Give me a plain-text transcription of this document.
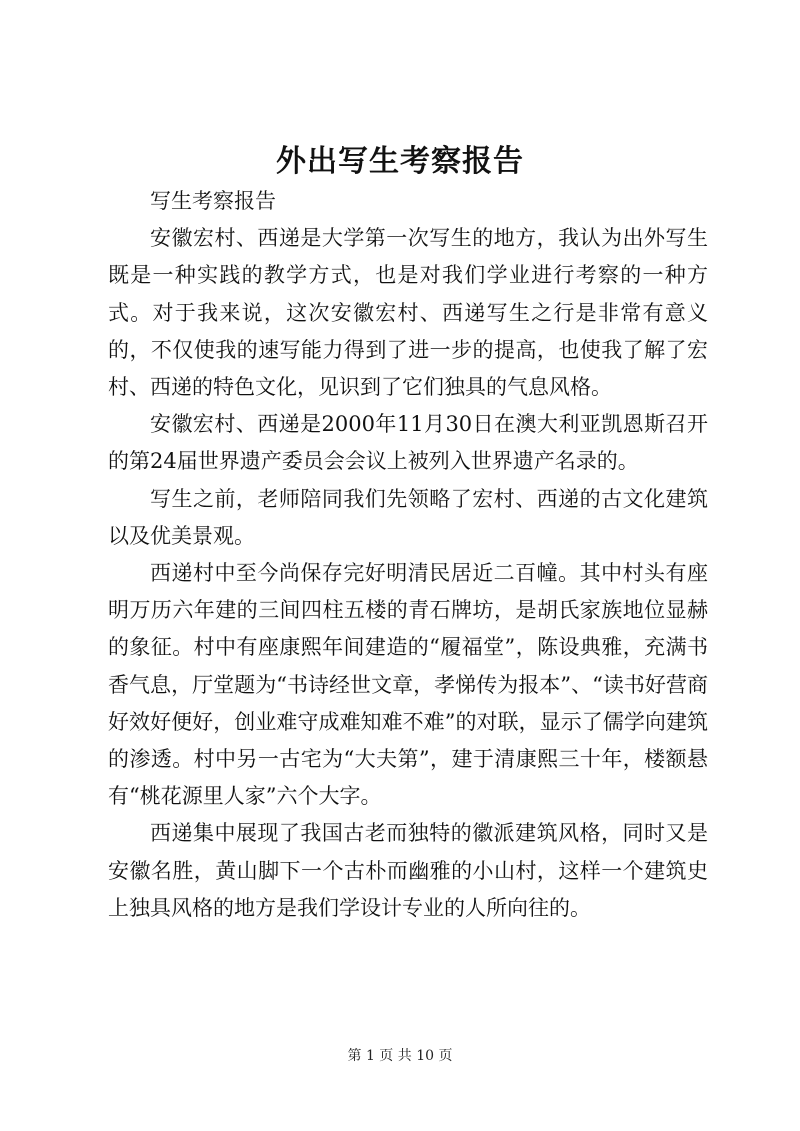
外出写生考察报告

写生考察报告

安徽宏村、西递是大学第一次写生的地方，我认为出外写生既是一种实践的教学方式，也是对我们学业进行考察的一种方式。对于我来说，这次安徽宏村、西递写生之行是非常有意义的，不仅使我的速写能力得到了进一步的提高，也使我了解了宏村、西递的特色文化，见识到了它们独具的气息风格。

安徽宏村、西递是2000年11月30日在澳大利亚凯恩斯召开的第24届世界遗产委员会会议上被列入世界遗产名录的。

写生之前，老师陪同我们先领略了宏村、西递的古文化建筑以及优美景观。

西递村中至今尚保存完好明清民居近二百幢。其中村头有座明万历六年建的三间四柱五楼的青石牌坊，是胡氏家族地位显赫的象征。村中有座康熙年间建造的“履福堂”，陈设典雅，充满书香气息，厅堂题为“书诗经世文章，孝悌传为报本”、“读书好营商好效好便好，创业难守成难知难不难”的对联，显示了儒学向建筑的渗透。村中另一古宅为“大夫第”，建于清康熙三十年，楼额悬有“桃花源里人家”六个大字。

西递集中展现了我国古老而独特的徽派建筑风格，同时又是安徽名胜，黄山脚下一个古朴而幽雅的小山村，这样一个建筑史上独具风格的地方是我们学设计专业的人所向往的。

第 1 页 共 10 页
